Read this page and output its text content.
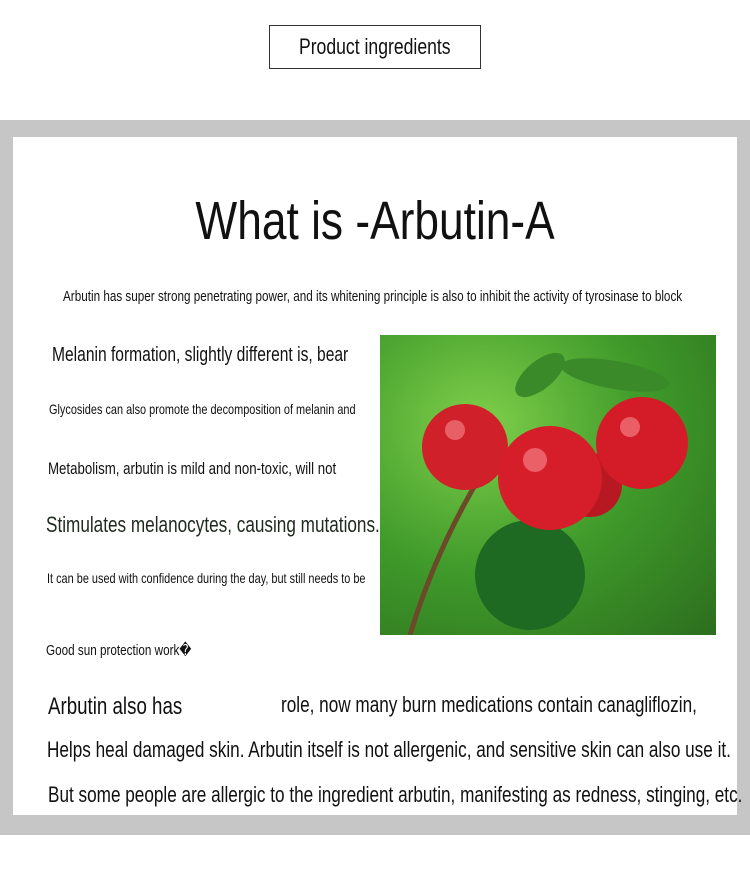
Product ingredients
What is -Arbutin-A
Arbutin has super strong penetrating power, and its whitening principle is also to inhibit the activity of tyrosinase to block
Melanin formation, slightly different is, bear
Glycosides can also promote the decomposition of melanin and
Metabolism, arbutin is mild and non-toxic, will not
Stimulates melanocytes, causing mutations.
It can be used with confidence during the day, but still needs to be
Good sun protection work�
Arbutin also has	role, now many burn medications contain canagliflozin,
Helps heal damaged skin. Arbutin itself is not allergenic, and sensitive skin can also use it.
But some people are allergic to the ingredient arbutin, manifesting as redness, stinging, etc.
